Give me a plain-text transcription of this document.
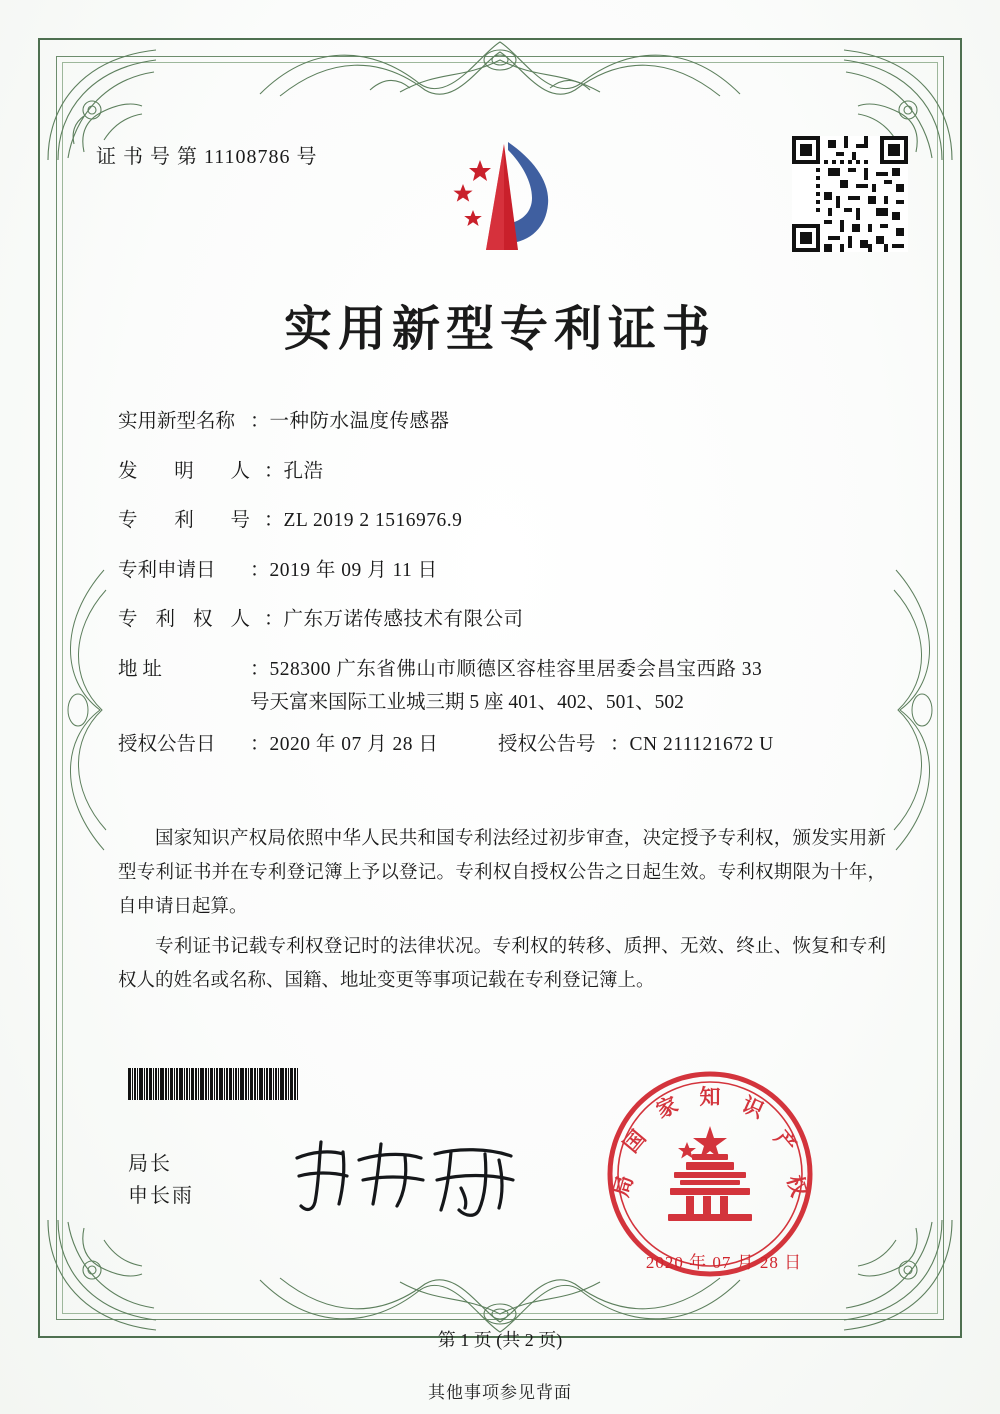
证 书 号 第 11108786 号
实用新型专利证书
实用新型名称 ： 一种防水温度传感器
发 明 人 ： 孔浩
专 利 号 ： ZL 2019 2 1516976.9
专利申请日	： 2019 年 09 月 11 日
专 利 权 人 ： 广东万诺传感技术有限公司
地 址	： 528300 广东省佛山市顺德区容桂容里居委会昌宝西路 33
号天富来国际工业城三期 5 座 401、402、501、502
授权公告日	： 2020 年 07 月 28 日	授权公告号 ： CN 211121672 U

国家知识产权局依照中华人民共和国专利法经过初步审查，决定授予专利权，颁发实用新型专利证书并在专利登记簿上予以登记。专利权自授权公告之日起生效。专利权期限为十年，自申请日起算。

专利证书记载专利权登记时的法律状况。专利权的转移、质押、无效、终止、恢复和专利权人的姓名或名称、国籍、地址变更等事项记载在专利登记簿上。

局长
申长雨
知 识
产
权
家
国
局
2020 年 07 月 28 日
第 1 页 (共 2 页)
其他事项参见背面
